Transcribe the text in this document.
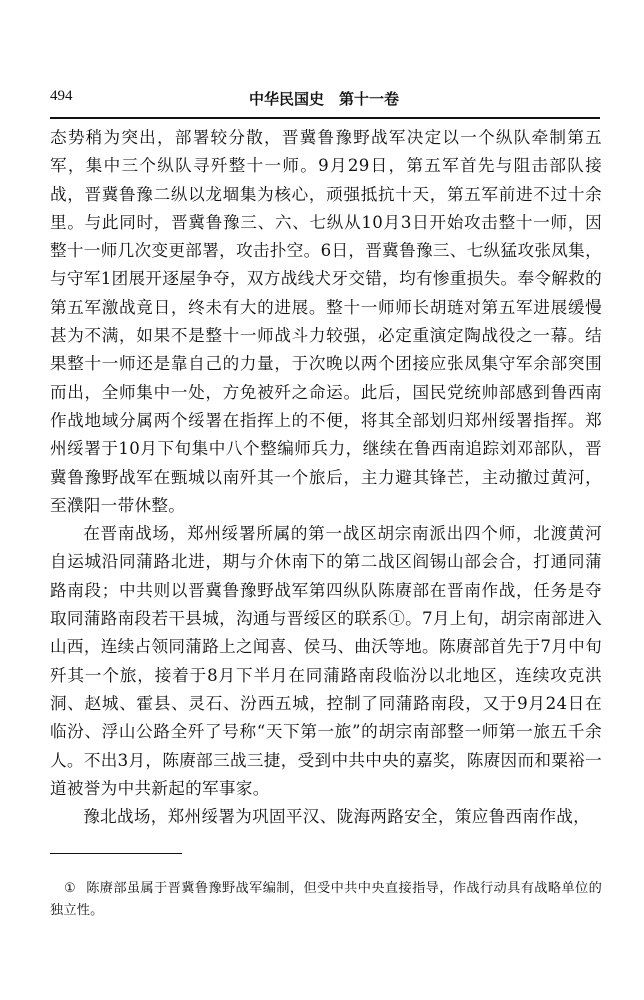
494	中华民国史　第十一卷

态势稍为突出，部署较分散，晋冀鲁豫野战军决定以一个纵队牵制第五军，集中三个纵队寻歼整十一师。9月29日，第五军首先与阻击部队接战，晋冀鲁豫二纵以龙堌集为核心，顽强抵抗十天，第五军前进不过十余里。与此同时，晋冀鲁豫三、六、七纵从10月3日开始攻击整十一师，因整十一师几次变更部署，攻击扑空。6日，晋冀鲁豫三、七纵猛攻张凤集，与守军1团展开逐屋争夺，双方战线犬牙交错，均有惨重损失。奉令解救的第五军激战竟日，终未有大的进展。整十一师师长胡琏对第五军进展缓慢甚为不满，如果不是整十一师战斗力较强，必定重演定陶战役之一幕。结果整十一师还是靠自己的力量，于次晚以两个团接应张凤集守军余部突围而出，全师集中一处，方免被歼之命运。此后，国民党统帅部感到鲁西南作战地域分属两个绥署在指挥上的不便，将其全部划归郑州绥署指挥。郑州绥署于10月下旬集中八个整编师兵力，继续在鲁西南追踪刘邓部队，晋冀鲁豫野战军在甄城以南歼其一个旅后，主力避其锋芒，主动撤过黄河，至濮阳一带休整。

在晋南战场，郑州绥署所属的第一战区胡宗南派出四个师，北渡黄河自运城沿同蒲路北进，期与介休南下的第二战区阎锡山部会合，打通同蒲路南段；中共则以晋冀鲁豫野战军第四纵队陈赓部在晋南作战，任务是夺取同蒲路南段若干县城，沟通与晋绥区的联系①。7月上旬，胡宗南部进入山西，连续占领同蒲路上之闻喜、侯马、曲沃等地。陈赓部首先于7月中旬歼其一个旅，接着于8月下半月在同蒲路南段临汾以北地区，连续攻克洪洞、赵城、霍县、灵石、汾西五城，控制了同蒲路南段，又于9月24日在临汾、浮山公路全歼了号称“天下第一旅”的胡宗南部整一师第一旅五千余人。不出3月，陈赓部三战三捷，受到中共中央的嘉奖，陈赓因而和粟裕一道被誉为中共新起的军事家。

豫北战场，郑州绥署为巩固平汉、陇海两路安全，策应鲁西南作战，

① 陈赓部虽属于晋冀鲁豫野战军编制，但受中共中央直接指导，作战行动具有战略单位的独立性。
